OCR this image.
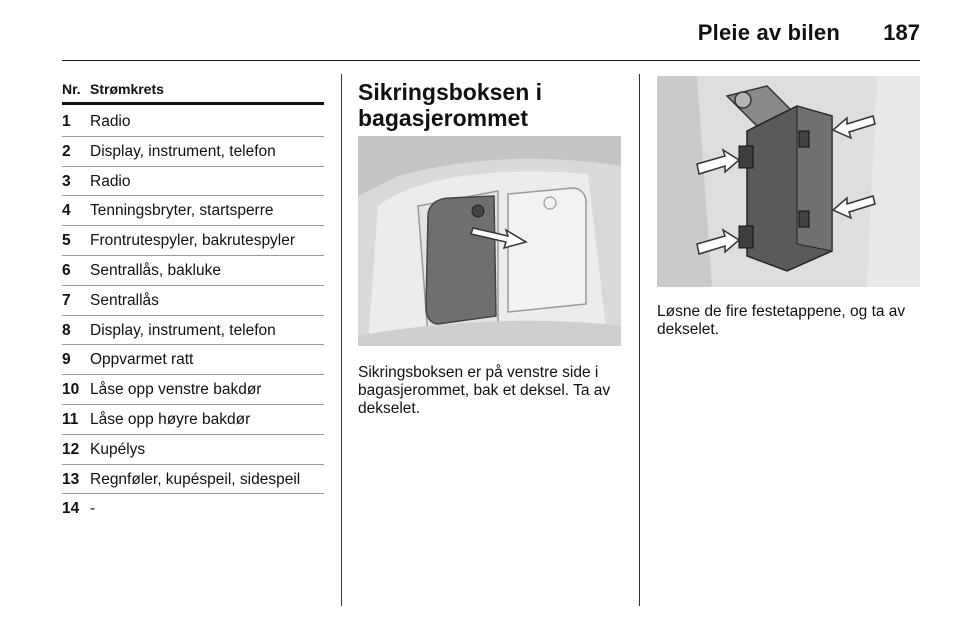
Pleie av bilen 187
Nr. Strømkrets
1 Radio
2 Display, instrument, telefon
3 Radio
4 Tenningsbryter, startsperre
5 Frontrutespyler, bakrutespyler
6 Sentrallås, bakluke
7 Sentrallås
8 Display, instrument, telefon
9 Oppvarmet ratt
10 Låse opp venstre bakdør
11 Låse opp høyre bakdør
12 Kupélys
13 Regnføler, kupéspeil, sidespeil
14 -
Sikringsboksen i bagasjerommet
Sikringsboksen er på venstre side i bagasjerommet, bak et deksel. Ta av dekselet.
Løsne de fire festetappene, og ta av dekselet.
